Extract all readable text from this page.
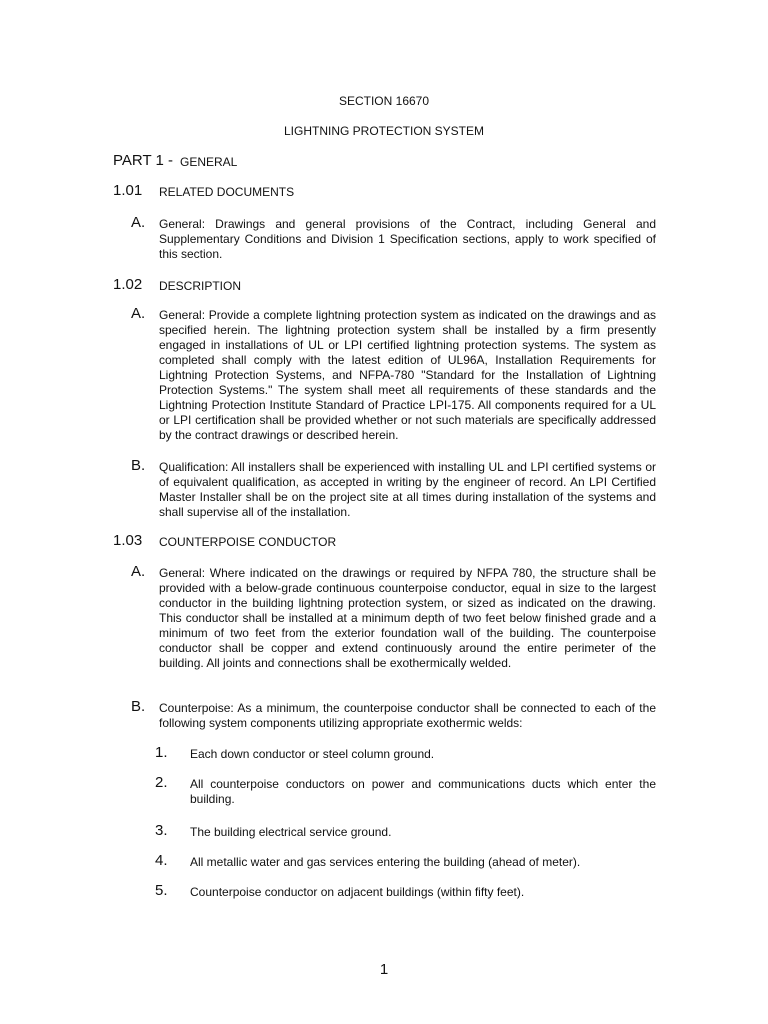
SECTION 16670
LIGHTNING PROTECTION SYSTEM
PART 1 - GENERAL
1.01 RELATED DOCUMENTS
A. General: Drawings and general provisions of the Contract, including General and Supplementary Conditions and Division 1 Specification sections, apply to work specified of this section.

1.02 DESCRIPTION
A. General: Provide a complete lightning protection system as indicated on the drawings and as specified herein. The lightning protection system shall be installed by a firm presently engaged in installations of UL or LPI certified lightning protection systems. The system as completed shall comply with the latest edition of UL96A, Installation Requirements for Lightning Protection Systems, and NFPA-780 "Standard for the Installation of Lightning Protection Systems." The system shall meet all requirements of these standards and the Lightning Protection Institute Standard of Practice LPI-175. All components required for a UL or LPI certification shall be provided whether or not such materials are specifically addressed by the contract drawings or described herein.

B. Qualification: All installers shall be experienced with installing UL and LPI certified systems or of equivalent qualification, as accepted in writing by the engineer of record. An LPI Certified Master Installer shall be on the project site at all times during installation of the systems and shall supervise all of the installation.

1.03 COUNTERPOISE CONDUCTOR
A. General: Where indicated on the drawings or required by NFPA 780, the structure shall be provided with a below-grade continuous counterpoise conductor, equal in size to the largest conductor in the building lightning protection system, or sized as indicated on the drawing. This conductor shall be installed at a minimum depth of two feet below finished grade and a minimum of two feet from the exterior foundation wall of the building. The counterpoise conductor shall be copper and extend continuously around the entire perimeter of the building. All joints and connections shall be exothermically welded.

B. Counterpoise: As a minimum, the counterpoise conductor shall be connected to each of the following system components utilizing appropriate exothermic welds:

1. Each down conductor or steel column ground.

2. All counterpoise conductors on power and communications ducts which enter the building.

3. The building electrical service ground.

4. All metallic water and gas services entering the building (ahead of meter).

5. Counterpoise conductor on adjacent buildings (within fifty feet).

1
